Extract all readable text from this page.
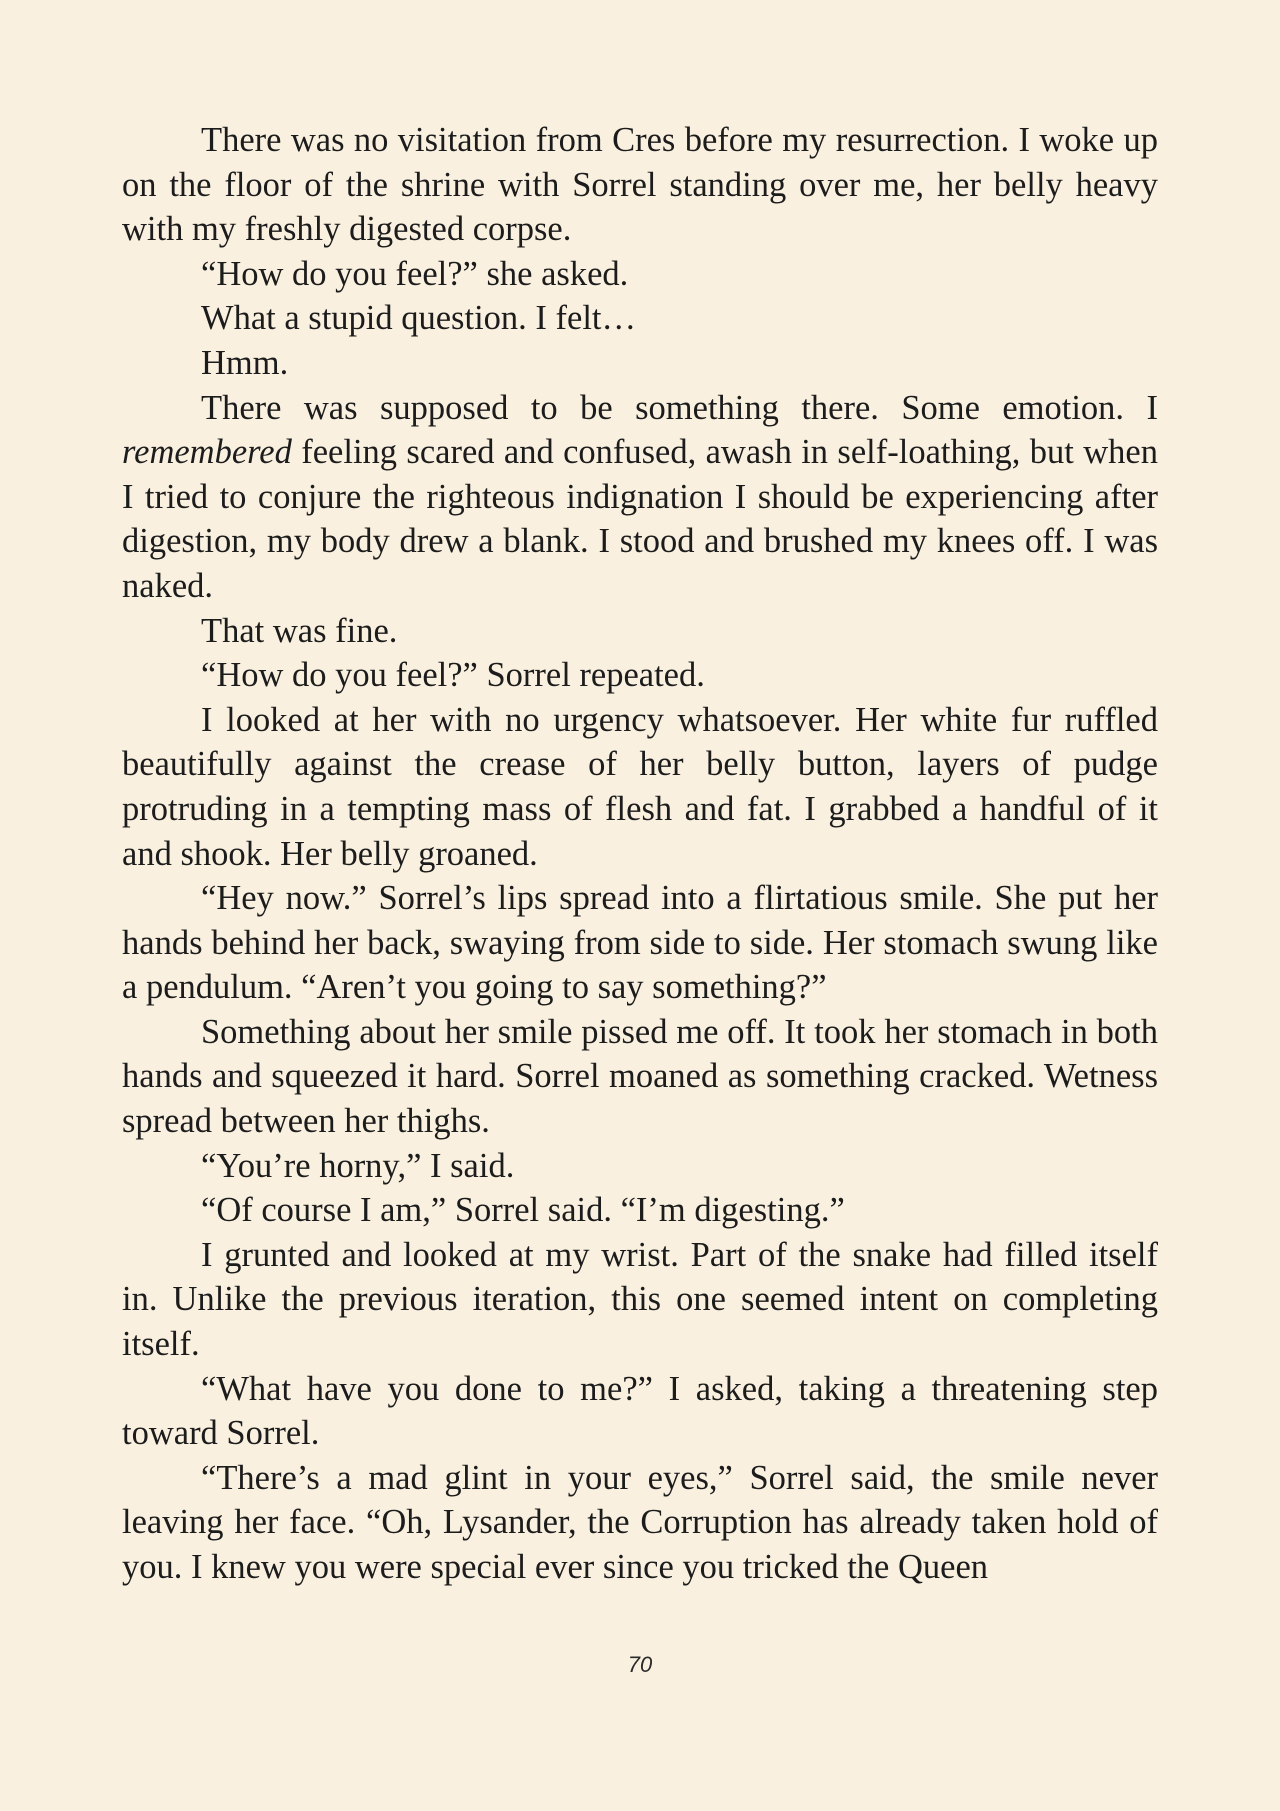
There was no visitation from Cres before my resurrection. I woke up on the floor of the shrine with Sorrel standing over me, her belly heavy with my freshly digested corpse.

“How do you feel?” she asked.

What a stupid question. I felt…

Hmm.

There was supposed to be something there. Some emotion. I remembered feeling scared and confused, awash in self-loathing, but when I tried to conjure the righteous indignation I should be experiencing after digestion, my body drew a blank. I stood and brushed my knees off. I was naked.

That was fine.

“How do you feel?” Sorrel repeated.

I looked at her with no urgency whatsoever. Her white fur ruffled beautifully against the crease of her belly button, layers of pudge protruding in a tempting mass of flesh and fat. I grabbed a handful of it and shook. Her belly groaned.

“Hey now.” Sorrel’s lips spread into a flirtatious smile. She put her hands behind her back, swaying from side to side. Her stomach swung like a pendulum. “Aren’t you going to say something?”

Something about her smile pissed me off. It took her stomach in both hands and squeezed it hard. Sorrel moaned as something cracked. Wetness spread between her thighs.

“You’re horny,” I said.

“Of course I am,” Sorrel said. “I’m digesting.”

I grunted and looked at my wrist. Part of the snake had filled itself in. Unlike the previous iteration, this one seemed intent on completing itself.

“What have you done to me?” I asked, taking a threatening step toward Sorrel.

“There’s a mad glint in your eyes,” Sorrel said, the smile never leaving her face. “Oh, Lysander, the Corruption has already taken hold of you. I knew you were special ever since you tricked the Queen

70
